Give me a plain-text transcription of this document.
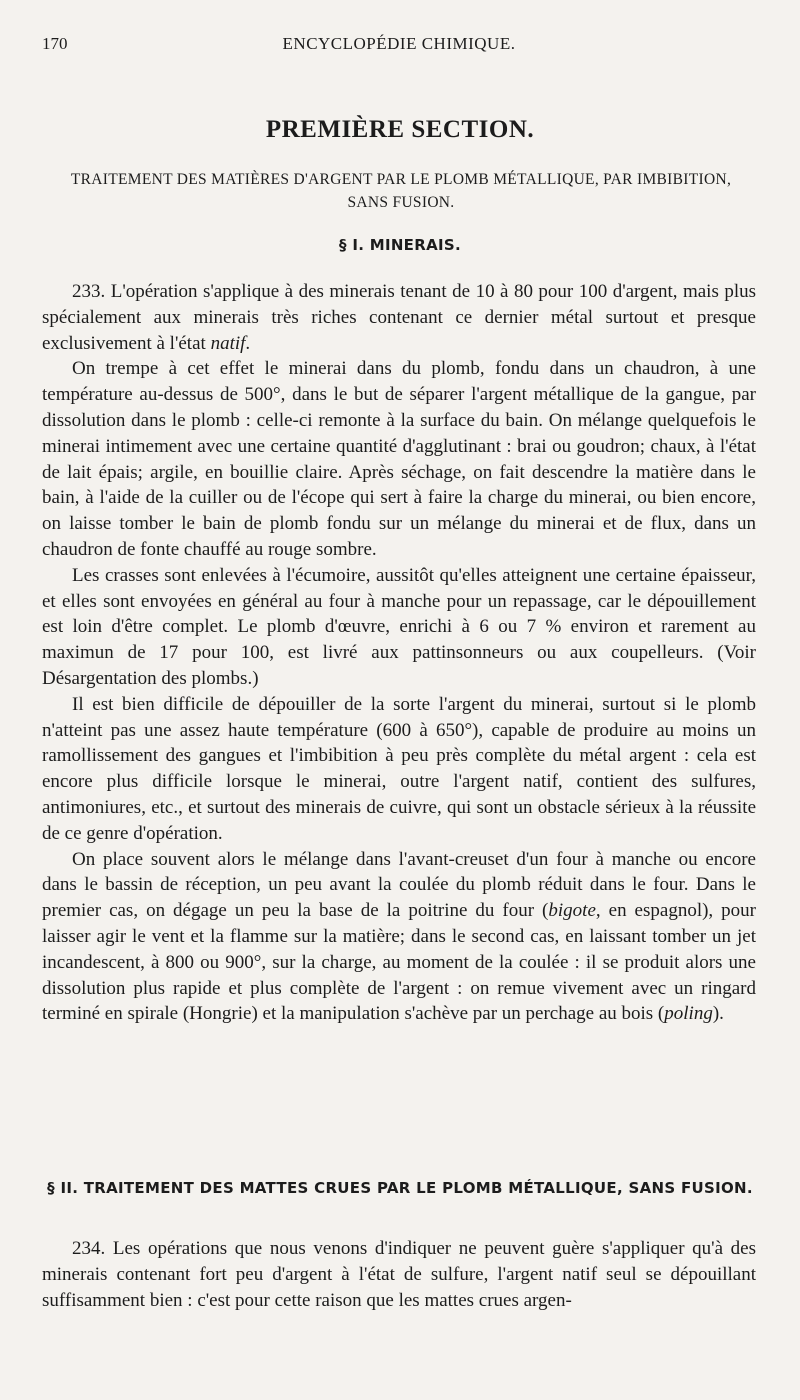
170	ENCYCLOPÉDIE CHIMIQUE.
PREMIÈRE SECTION.
TRAITEMENT DES MATIÈRES D'ARGENT PAR LE PLOMB MÉTALLIQUE, PAR IMBIBITION, SANS FUSION.
§ I. MINERAIS.

233. L'opération s'applique à des minerais tenant de 10 à 80 pour 100 d'argent, mais plus spécialement aux minerais très riches contenant ce dernier métal surtout et presque exclusivement à l'état natif.

On trempe à cet effet le minerai dans du plomb, fondu dans un chaudron, à une température au-dessus de 500°, dans le but de séparer l'argent métallique de la gangue, par dissolution dans le plomb : celle-ci remonte à la surface du bain. On mélange quelquefois le minerai intimement avec une certaine quantité d'agglutinant : brai ou goudron; chaux, à l'état de lait épais; argile, en bouillie claire. Après séchage, on fait descendre la matière dans le bain, à l'aide de la cuiller ou de l'écope qui sert à faire la charge du minerai, ou bien encore, on laisse tomber le bain de plomb fondu sur un mélange du minerai et de flux, dans un chaudron de fonte chauffé au rouge sombre.

Les crasses sont enlevées à l'écumoire, aussitôt qu'elles atteignent une certaine épaisseur, et elles sont envoyées en général au four à manche pour un repassage, car le dépouillement est loin d'être complet. Le plomb d'œuvre, enrichi à 6 ou 7 % environ et rarement au maximun de 17 pour 100, est livré aux pattinsonneurs ou aux coupelleurs. (Voir Désargentation des plombs.)

Il est bien difficile de dépouiller de la sorte l'argent du minerai, surtout si le plomb n'atteint pas une assez haute température (600 à 650°), capable de produire au moins un ramollissement des gangues et l'imbibition à peu près complète du métal argent : cela est encore plus difficile lorsque le minerai, outre l'argent natif, contient des sulfures, antimoniures, etc., et surtout des minerais de cuivre, qui sont un obstacle sérieux à la réussite de ce genre d'opération.

On place souvent alors le mélange dans l'avant-creuset d'un four à manche ou encore dans le bassin de réception, un peu avant la coulée du plomb réduit dans le four. Dans le premier cas, on dégage un peu la base de la poitrine du four (bigote, en espagnol), pour laisser agir le vent et la flamme sur la matière; dans le second cas, en laissant tomber un jet incandescent, à 800 ou 900°, sur la charge, au moment de la coulée : il se produit alors une dissolution plus rapide et plus complète de l'argent : on remue vivement avec un ringard terminé en spirale (Hongrie) et la manipulation s'achève par un perchage au bois (poling).

§ II. TRAITEMENT DES MATTES CRUES PAR LE PLOMB MÉTALLIQUE, SANS FUSION.

234. Les opérations que nous venons d'indiquer ne peuvent guère s'appliquer qu'à des minerais contenant fort peu d'argent à l'état de sulfure, l'argent natif seul se dépouillant suffisamment bien : c'est pour cette raison que les mattes crues argen-
